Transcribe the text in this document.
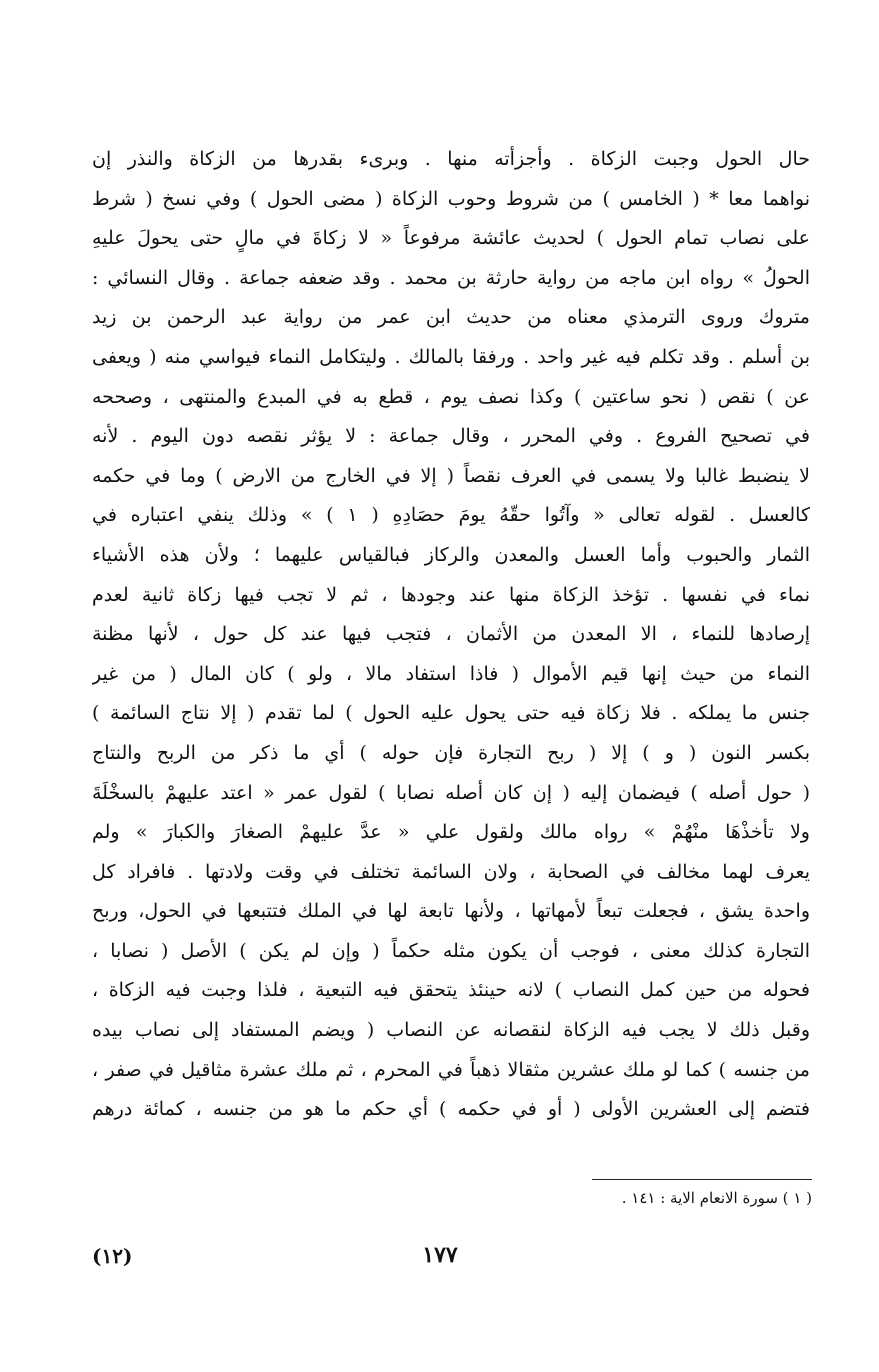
حال الحول وجبت الزكاة . وأجزأته منها . وبرىء بقدرها من الزكاة والنذر إن
نواهما معا * ( الخامس ) من شروط وحوب الزكاة ( مضى الحول ) وفي نسخ ( شرط
على نصاب تمام الحول ) لحديث عائشة مرفوعاً « لا زكاةَ في مالٍ حتى يحولَ عليهِ
الحولُ » رواه ابن ماجه من رواية حارثة بن محمد . وقد ضعفه جماعة . وقال النسائي :
متروك وروى الترمذي معناه من حديث ابن عمر من رواية عبد الرحمن بن زيد
بن أسلم . وقد تكلم فيه غير واحد . ورفقا بالمالك . وليتكامل النماء فيواسي منه ( ويعفى
عن ) نقص ( نحو ساعتين ) وكذا نصف يوم ، قطع به في المبدع والمنتهى ، وصححه
في تصحيح الفروع . وفي المحرر ، وقال جماعة : لا يؤثر نقصه دون اليوم . لأنه
لا ينضبط غالبا ولا يسمى في العرف نقصاً ( إلا في الخارج من الارض ) وما في حكمه
كالعسل . لقوله تعالى « وآتُوا حقّهُ يومَ حصَادِهِ ( ١ ) » وذلك ينفي اعتباره في
الثمار والحبوب وأما العسل والمعدن والركاز فبالقياس عليهما ؛ ولأن هذه الأشياء
نماء في نفسها . تؤخذ الزكاة منها عند وجودها ، ثم لا تجب فيها زكاة ثانية لعدم
إرصادها للنماء ، الا المعدن من الأثمان ، فتجب فيها عند كل حول ، لأنها مظنة
النماء من حيث إنها قيم الأموال ( فاذا استفاد مالا ، ولو ) كان المال ( من غير
جنس ما يملكه . فلا زكاة فيه حتى يحول عليه الحول ) لما تقدم ( إلا نتاج السائمة )
بكسر النون ( و ) إلا ( ربح التجارة فإن حوله ) أي ما ذكر من الربح والنتاج
( حول أصله ) فيضمان إليه ( إن كان أصله نصابا ) لقول عمر « اعتد عليهمْ بالسخْلَةَ
ولا تأخذْهَا منْهُمْ » رواه مالك ولقول علي « عدَّ عليهمْ الصغارَ والكبارَ » ولم
يعرف لهما مخالف في الصحابة ، ولان السائمة تختلف في وقت ولادتها . فافراد كل
واحدة يشق ، فجعلت تبعاً لأمهاتها ، ولأنها تابعة لها في الملك فتتبعها في الحول، وربح
التجارة كذلك معنى ، فوجب أن يكون مثله حكماً ( وإن لم يكن ) الأصل ( نصابا ،
فحوله من حين كمل النصاب ) لانه حينئذ يتحقق فيه التبعية ، فلذا وجبت فيه الزكاة ،
وقبل ذلك لا يجب فيه الزكاة لنقصانه عن النصاب ( ويضم المستفاد إلى نصاب بيده
من جنسه ) كما لو ملك عشرين مثقالا ذهباً في المحرم ، ثم ملك عشرة مثاقيل في صفر ،
فتضم إلى العشرين الأولى ( أو في حكمه ) أي حكم ما هو من جنسه ، كمائة درهم
( ١ ) سورة الانعام الاية : ١٤١ .
١٧٧
(١٢)
